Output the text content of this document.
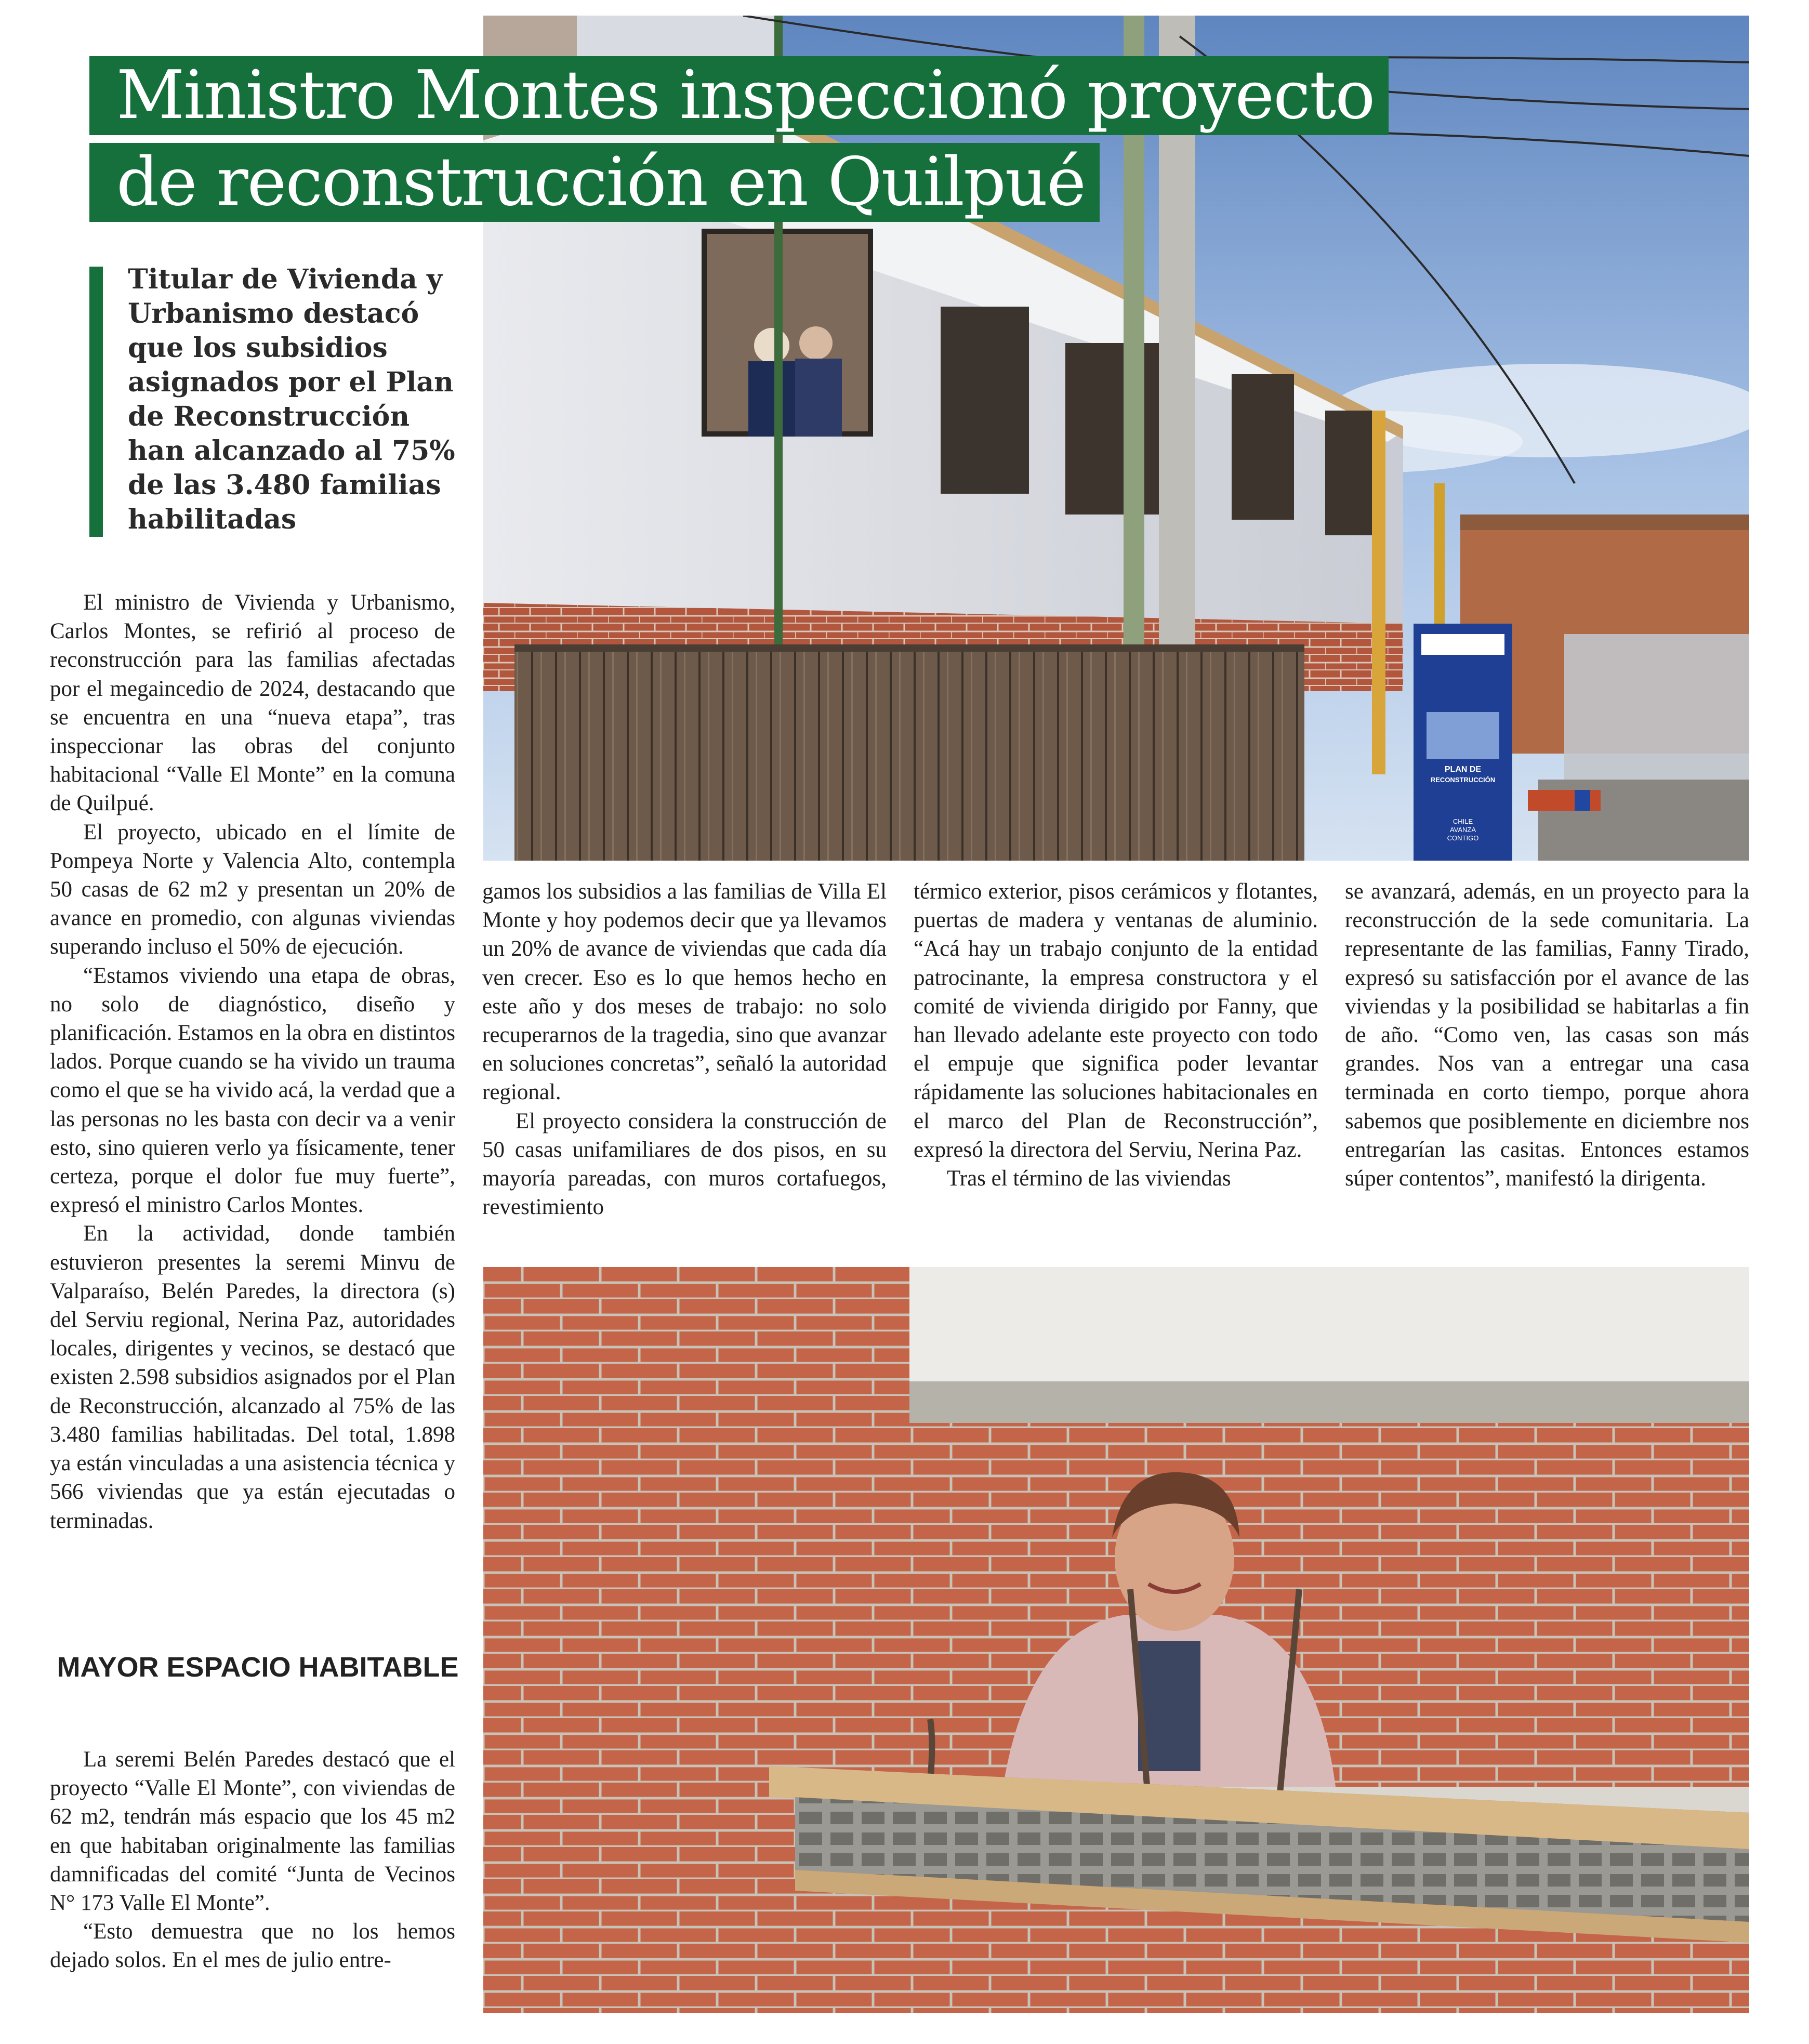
PLAN DE
RECONSTRUCCIÓN
CHILE
AVANZA
CONTIGO
Ministro Montes inspeccionó proyecto
de reconstrucción en Quilpué
Titular de Vivienda y Urbanismo destacó que los subsidios asignados por el Plan de Reconstrucción han alcanzado al 75% de las 3.480 familias habilitadas

El ministro de Vivienda y Urbanismo, Carlos Montes, se refirió al proceso de reconstrucción para las familias afectadas por el megaincedio de 2024, destacando que se encuentra en una “nueva etapa”, tras inspeccionar las obras del conjunto habitacional “Valle El Monte” en la comuna de Quilpué.

El proyecto, ubicado en el límite de Pompeya Norte y Valencia Alto, contempla 50 casas de 62 m2 y presentan un 20% de avance en promedio, con algunas viviendas superando incluso el 50% de ejecución.

“Estamos viviendo una etapa de obras, no solo de diagnóstico, diseño y planificación. Estamos en la obra en distintos lados. Porque cuando se ha vivido un trauma como el que se ha vivido acá, la verdad que a las personas no les basta con decir va a venir esto, sino quieren verlo ya físicamente, tener certeza, porque el dolor fue muy fuerte”, expresó el ministro Carlos Montes.

En la actividad, donde también estuvieron presentes la seremi Minvu de Valparaíso, Belén Paredes, la directora (s) del Serviu regional, Nerina Paz, autoridades locales, dirigentes y vecinos, se destacó que existen 2.598 subsidios asignados por el Plan de Reconstrucción, alcanzado al 75% de las 3.480 familias habilitadas. Del total, 1.898 ya están vinculadas a una asistencia técnica y 566 viviendas que ya están ejecutadas o terminadas.

MAYOR ESPACIO HABITABLE

La seremi Belén Paredes destacó que el proyecto “Valle El Monte”, con viviendas de 62 m2, tendrán más espacio que los 45 m2 en que habitaban originalmente las familias damnificadas del comité “Junta de Vecinos N° 173 Valle El Monte”.

“Esto demuestra que no los hemos dejado solos. En el mes de julio entre-

gamos los subsidios a las familias de Villa El Monte y hoy podemos decir que ya llevamos un 20% de avance de viviendas que cada día ven crecer. Eso es lo que hemos hecho en este año y dos meses de trabajo: no solo recuperarnos de la tragedia, sino que avanzar en soluciones concretas”, señaló la autoridad regional.

El proyecto considera la construcción de 50 casas unifamiliares de dos pisos, en su mayoría pareadas, con muros cortafuegos, revestimiento

térmico exterior, pisos cerámicos y flotantes, puertas de madera y ventanas de aluminio. “Acá hay un trabajo conjunto de la entidad patrocinante, la empresa constructora y el comité de vivienda dirigido por Fanny, que han llevado adelante este proyecto con todo el empuje que significa poder levantar rápidamente las soluciones habitacionales en el marco del Plan de Reconstrucción”, expresó la directora del Serviu, Nerina Paz.

Tras el término de las viviendas

se avanzará, además, en un proyecto para la reconstrucción de la sede comunitaria. La representante de las familias, Fanny Tirado, expresó su satisfacción por el avance de las viviendas y la posibilidad se habitarlas a fin de año. “Como ven, las casas son más grandes. Nos van a entregar una casa terminada en corto tiempo, porque ahora sabemos que posiblemente en diciembre nos entregarían las casitas. Entonces estamos súper contentos”, manifestó la dirigenta.
